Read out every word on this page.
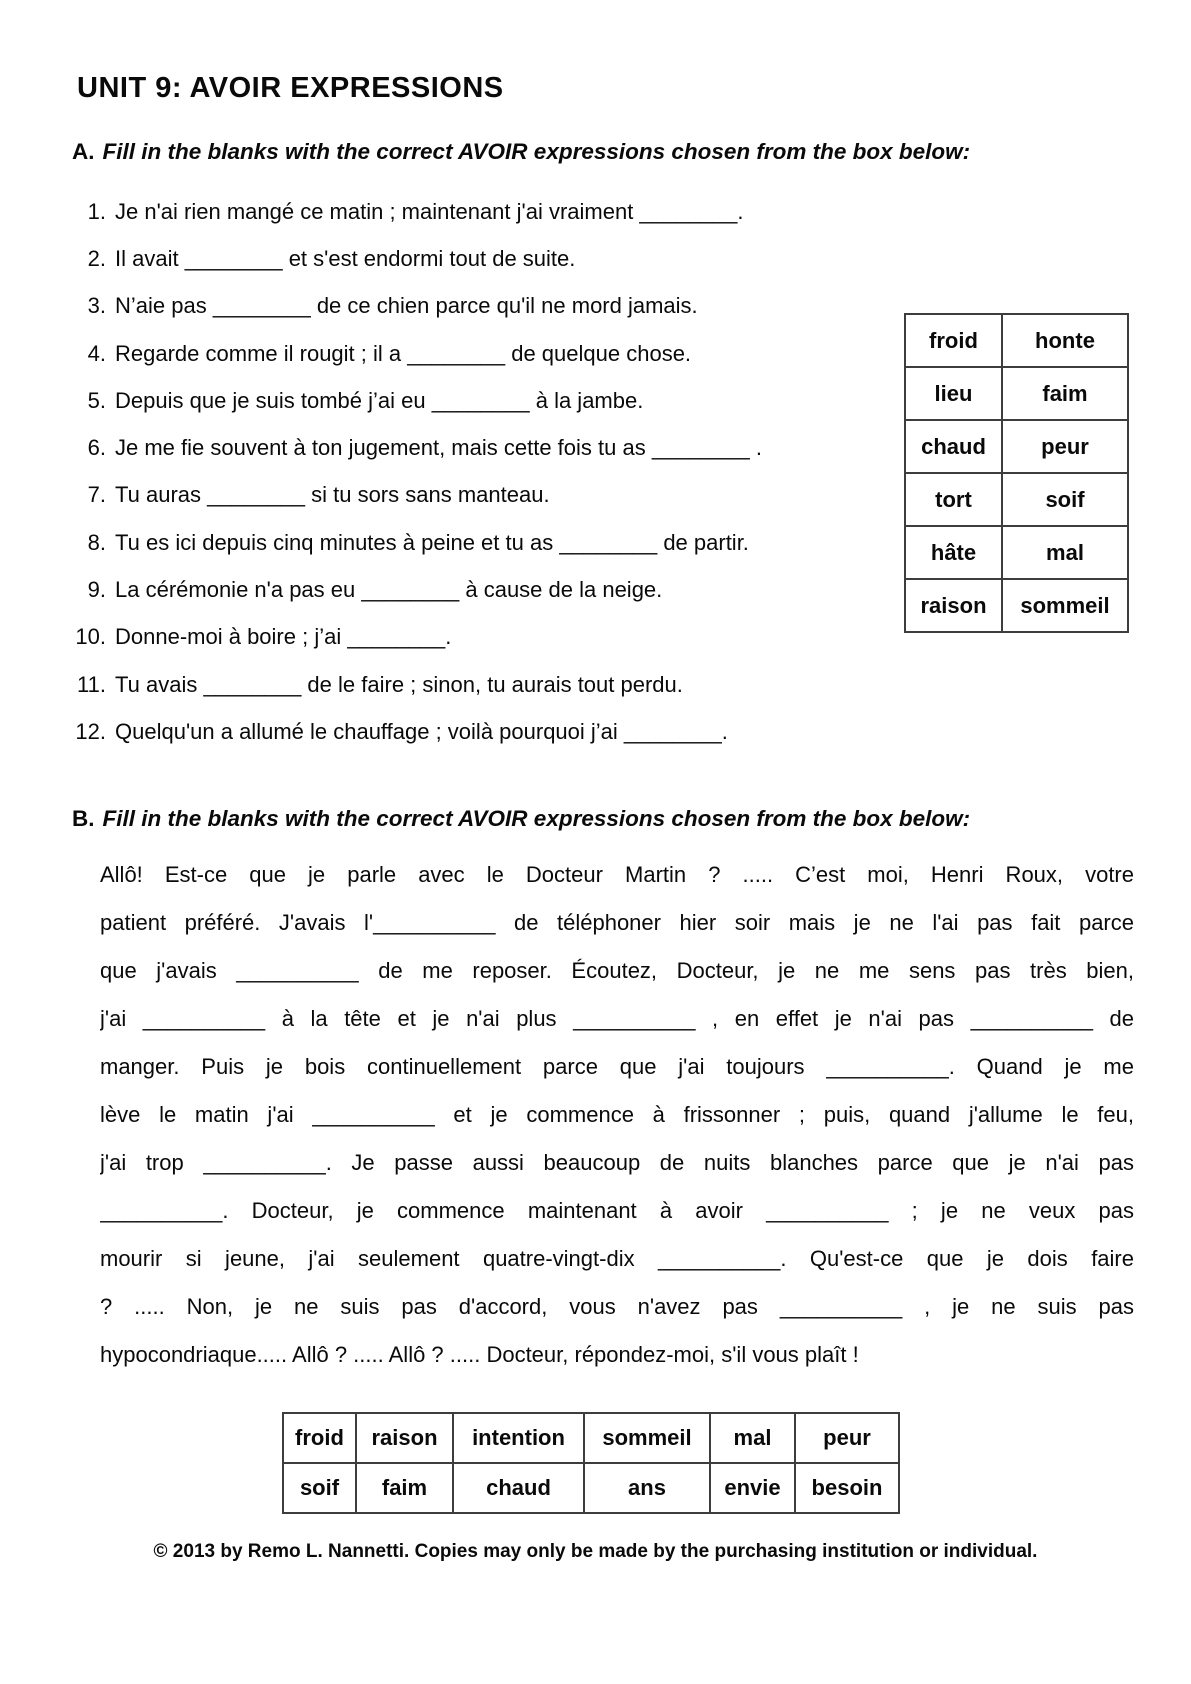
UNIT 9: AVOIR EXPRESSIONS
A. Fill in the blanks with the correct AVOIR expressions chosen from the box below:
1. Je n'ai rien mangé ce matin ; maintenant j'ai vraiment ________.
2. Il avait ________ et s'est endormi tout de suite.
3. N’aie pas ________ de ce chien parce qu'il ne mord jamais.
4. Regarde comme il rougit ; il a ________ de quelque chose.
5. Depuis que je suis tombé j’ai eu ________ à la jambe.
6. Je me fie souvent à ton jugement, mais cette fois tu as ________ .
7. Tu auras ________ si tu sors sans manteau.
8. Tu es ici depuis cinq minutes à peine et tu as ________ de partir.
9. La cérémonie n'a pas eu ________ à cause de la neige.
10. Donne-moi à boire ; j’ai ________.
11. Tu avais ________ de le faire ; sinon, tu aurais tout perdu.
12. Quelqu'un a allumé le chauffage ; voilà pourquoi j’ai ________.
froid	honte
lieu	faim
chaud	peur
tort	soif
hâte	mal
raison	sommeil
B. Fill in the blanks with the correct AVOIR expressions chosen from the box below:
Allô! Est-ce que je parle avec le Docteur Martin ? ..... C’est moi, Henri Roux, votre
patient préféré. J'avais l'__________ de téléphoner hier soir mais je ne l'ai pas fait parce
que j'avais __________ de me reposer. Écoutez, Docteur, je ne me sens pas très bien,
j'ai __________ à la tête et je n'ai plus __________ , en effet je n'ai pas __________ de
manger. Puis je bois continuellement parce que j'ai toujours __________. Quand je me
lève le matin j'ai __________ et je commence à frissonner ; puis, quand j'allume le feu,
j'ai trop __________. Je passe aussi beaucoup de nuits blanches parce que je n'ai pas
__________. Docteur, je commence maintenant à avoir __________ ; je ne veux pas
mourir si jeune, j'ai seulement quatre-vingt-dix __________. Qu'est-ce que je dois faire
? ..... Non, je ne suis pas d'accord, vous n'avez pas __________ , je ne suis pas
hypocondriaque..... Allô ? ..... Allô ? ..... Docteur, répondez-moi, s'il vous plaît !
froid	raison	intention	sommeil	mal	peur
soif	faim	chaud	ans	envie	besoin
© 2013 by Remo L. Nannetti. Copies may only be made by the purchasing institution or individual.
